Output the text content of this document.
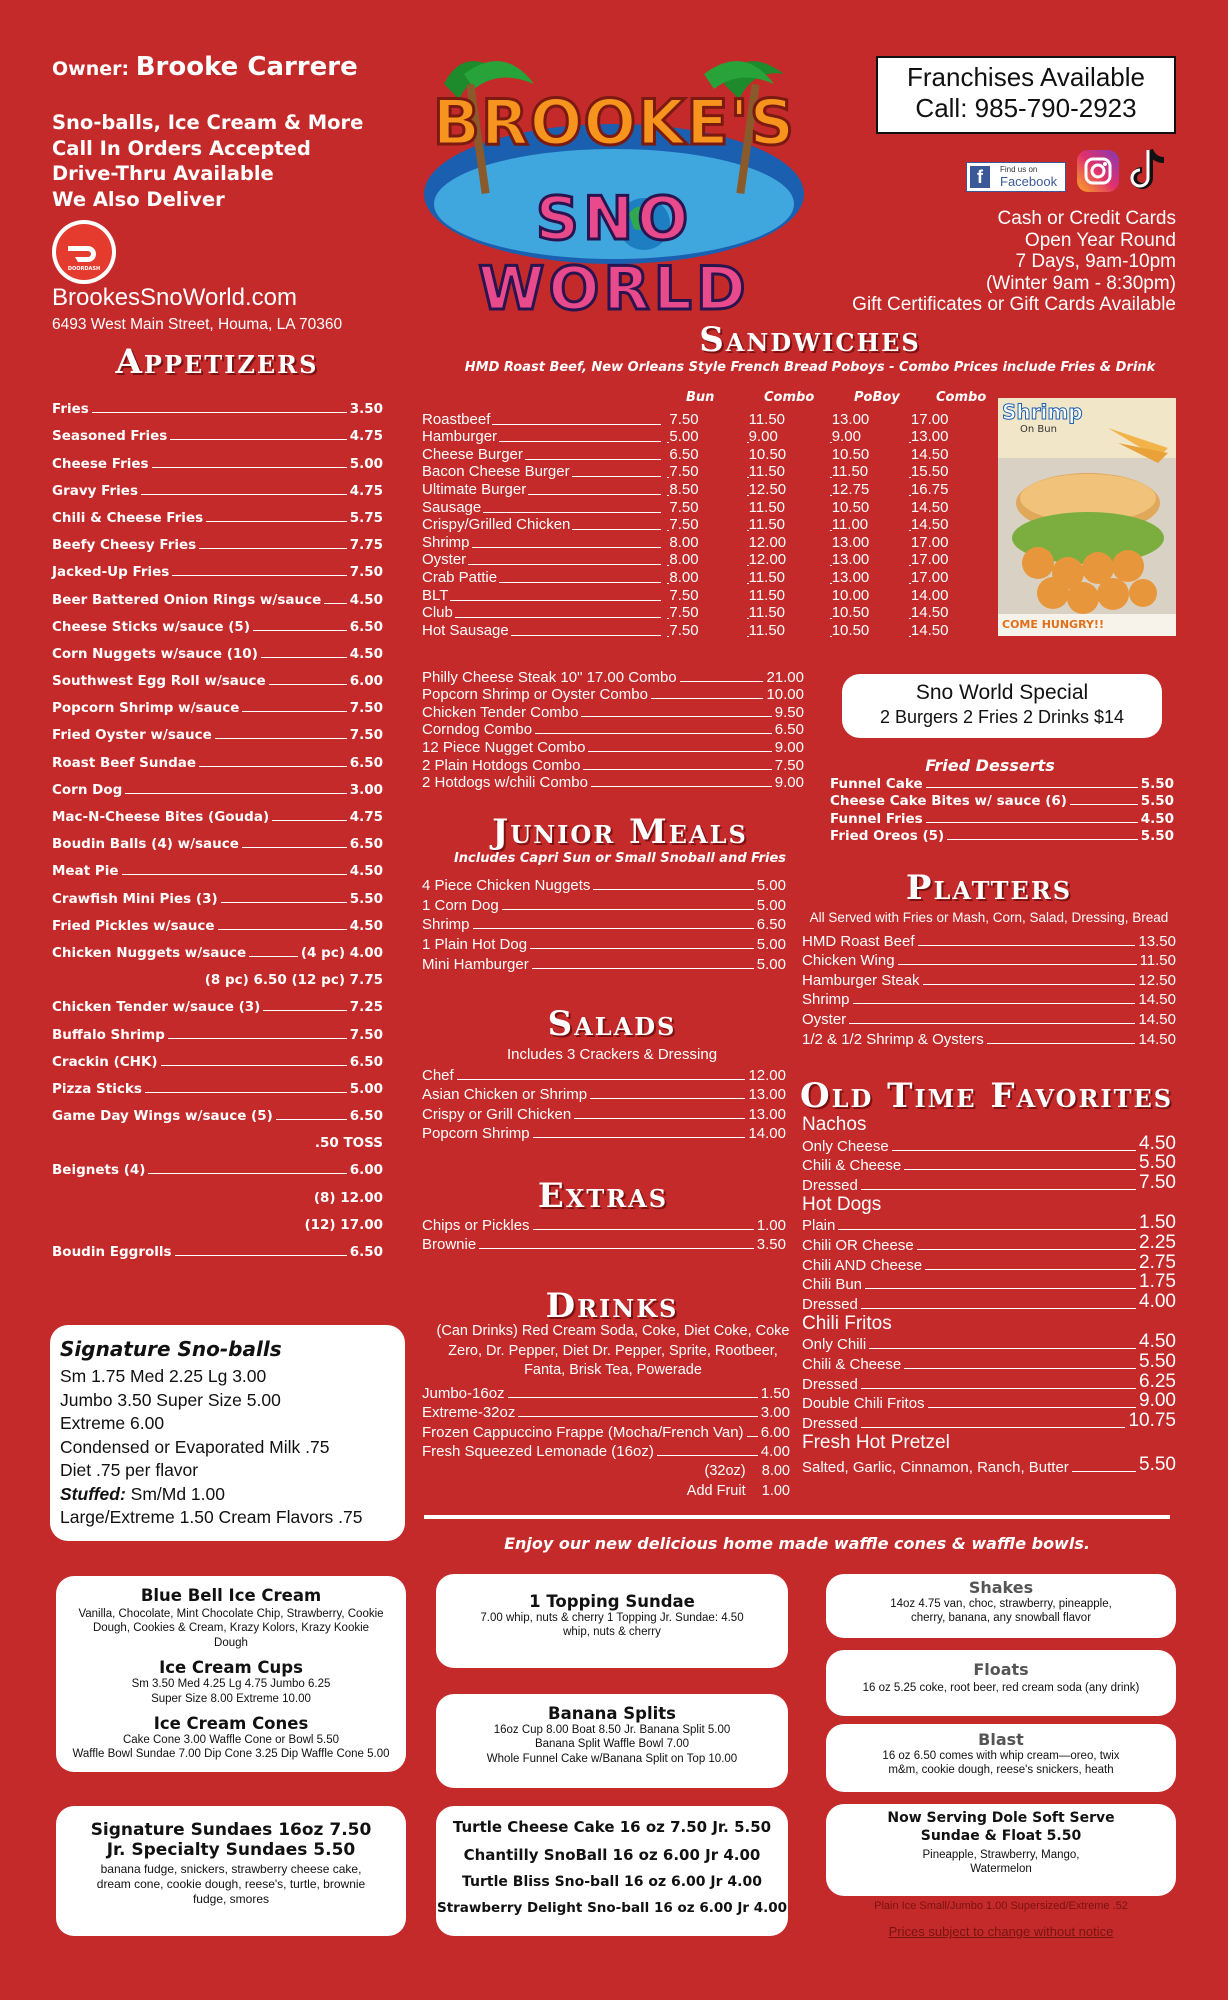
Owner: Brooke Carrere
Sno-balls, Ice Cream & More
Call In Orders Accepted
Drive-Thru Available
We Also Deliver
DOORDASH
BrookesSnoWorld.com
6493 West Main Street, Houma, LA 70360
BROOKE'S
SNO WORLD
Franchises Available
Call: 985-790-2923
f	Find us on
Facebook
Cash or Credit Cards
Open Year Round
7 Days, 9am-10pm
(Winter 9am - 8:30pm)
Gift Certificates or Gift Cards Available
Appetizers
Fries	3.50
Seasoned Fries	4.75
Cheese Fries	5.00
Gravy Fries	4.75
Chili & Cheese Fries	5.75
Beefy Cheesy Fries	7.75
Jacked-Up Fries	7.50
Beer Battered Onion Rings w/sauce 4.50
Cheese Sticks w/sauce (5)	6.50
Corn Nuggets w/sauce (10)	4.50
Southwest Egg Roll w/sauce	6.00
Popcorn Shrimp w/sauce	7.50
Fried Oyster w/sauce	7.50
Roast Beef Sundae	6.50
Corn Dog	3.00
Mac-N-Cheese Bites (Gouda)	4.75
Boudin Balls (4) w/sauce	6.50
Meat Pie	4.50
Crawfish Mini Pies (3)	5.50
Fried Pickles w/sauce	4.50
Chicken Nuggets w/sauce	(4 pc) 4.00
(8 pc) 6.50 (12 pc) 7.75
Chicken Tender w/sauce (3)	7.25
Buffalo Shrimp	7.50
Crackin (CHK)	6.50
Pizza Sticks	5.00
Game Day Wings w/sauce (5)	6.50
.50 TOSS
Beignets (4)	6.00
(8) 12.00
(12) 17.00
Boudin Eggrolls	6.50
Signature Sno-balls
Sm 1.75 Med 2.25 Lg 3.00
Jumbo 3.50 Super Size 5.00
Extreme 6.00
Condensed or Evaporated Milk .75
Diet .75 per flavor
Stuffed: Sm/Md 1.00
Large/Extreme 1.50 Cream Flavors .75
Sandwiches
HMD Roast Beef, New Orleans Style French Bread Poboys - Combo Prices include Fries & Drink
Bun	Combo	PoBoy	Combo
Roastbeef	7.50	11.50	13.00	17.00
Hamburger	5.00	9.00	9.00	13.00
Cheese Burger	6.50	10.50	10.50	14.50
Bacon Cheese Burger	7.50	11.50	11.50	15.50
Ultimate Burger	8.50	12.50	12.75	16.75
Sausage	7.50	11.50	10.50	14.50
Crispy/Grilled Chicken	7.50	11.50	11.00	14.50
Shrimp	8.00	12.00	13.00	17.00
Oyster	8.00	12.00	13.00	17.00
Crab Pattie	8.00	11.50	13.00	17.00
BLT	7.50	11.50	10.00	14.00
Club	7.50	11.50	10.50	14.50
Hot Sausage	7.50	11.50	10.50	14.50
Shrimp
On Bun
COME HUNGRY!!
Philly Cheese Steak 10" 17.00 Combo	21.00
Popcorn Shrimp or Oyster Combo	10.00
Chicken Tender Combo	9.50
Corndog Combo	6.50
12 Piece Nugget Combo	9.00
2 Plain Hotdogs Combo	7.50
2 Hotdogs w/chili Combo	9.00
Sno World Special
2 Burgers 2 Fries 2 Drinks $14
Fried Desserts
Funnel Cake	5.50
Cheese Cake Bites w/ sauce (6)	5.50
Funnel Fries	4.50
Fried Oreos (5)	5.50
Junior Meals
Includes Capri Sun or Small Snoball and Fries
4 Piece Chicken Nuggets	5.00
1 Corn Dog	5.00
Shrimp	6.50
1 Plain Hot Dog	5.00
Mini Hamburger	5.00
Platters
All Served with Fries or Mash, Corn, Salad, Dressing, Bread
HMD Roast Beef	13.50
Chicken Wing	11.50
Hamburger Steak	12.50
Shrimp	14.50
Oyster	14.50
1/2 & 1/2 Shrimp & Oysters	14.50
Salads
Includes 3 Crackers & Dressing
Chef	12.00
Asian Chicken or Shrimp	13.00
Crispy or Grill Chicken	13.00
Popcorn Shrimp	14.00
Old Time Favorites
Nachos
Only Cheese	4.50
Chili & Cheese	5.50
Dressed	7.50
Hot Dogs
Plain	1.50
Chili OR Cheese	2.25
Chili AND Cheese	2.75
Chili Bun	1.75
Dressed	4.00
Chili Fritos
Only Chili	4.50
Chili & Cheese	5.50
Dressed	6.25
Double Chili Fritos	9.00
Dressed	10.75
Fresh Hot Pretzel
Salted, Garlic, Cinnamon, Ranch, Butter	5.50
Extras
Chips or Pickles	1.00
Brownie	3.50
Drinks
(Can Drinks) Red Cream Soda, Coke, Diet Coke, Coke Zero, Dr. Pepper, Diet Dr. Pepper, Sprite, Rootbeer, Fanta, Brisk Tea, Powerade
Jumbo-16oz	1.50
Extreme-32oz	3.00
Frozen Cappuccino Frappe (Mocha/French Van) 6.00
Fresh Squeezed Lemonade (16oz)	4.00
(32oz) 8.00
Add Fruit 1.00
Enjoy our new delicious home made waffle cones & waffle bowls.
Blue Bell Ice Cream
Vanilla, Chocolate, Mint Chocolate Chip, Strawberry, Cookie Dough, Cookies & Cream, Krazy Kolors, Krazy Kookie Dough
Ice Cream Cups
Sm 3.50 Med 4.25 Lg 4.75 Jumbo 6.25
Super Size 8.00 Extreme 10.00
Ice Cream Cones
Cake Cone 3.00 Waffle Cone or Bowl 5.50
Waffle Bowl Sundae 7.00 Dip Cone 3.25 Dip Waffle Cone 5.00
Signature Sundaes 16oz 7.50
Jr. Specialty Sundaes 5.50
banana fudge, snickers, strawberry cheese cake, dream cone, cookie dough, reese's, turtle, brownie fudge, smores
1 Topping Sundae
7.00 whip, nuts & cherry 1 Topping Jr. Sundae: 4.50
whip, nuts & cherry
Banana Splits
16oz Cup 8.00 Boat 8.50 Jr. Banana Split 5.00
Banana Split Waffle Bowl 7.00
Whole Funnel Cake w/Banana Split on Top 10.00
Turtle Cheese Cake 16 oz 7.50 Jr. 5.50
Chantilly SnoBall 16 oz 6.00 Jr 4.00
Turtle Bliss Sno-ball 16 oz 6.00 Jr 4.00
Strawberry Delight Sno-ball 16 oz 6.00 Jr 4.00
Shakes
14oz 4.75 van, choc, strawberry, pineapple, cherry, banana, any snowball flavor
Floats
16 oz 5.25 coke, root beer, red cream soda (any drink)
Blast
16 oz 6.50 comes with whip cream—oreo, twix m&m, cookie dough, reese's snickers, heath
Now Serving Dole Soft Serve
Sundae & Float 5.50
Pineapple, Strawberry, Mango, Watermelon
Plain Ice Small/Jumbo 1.00 Supersized/Extreme .52
Prices subject to change without notice
